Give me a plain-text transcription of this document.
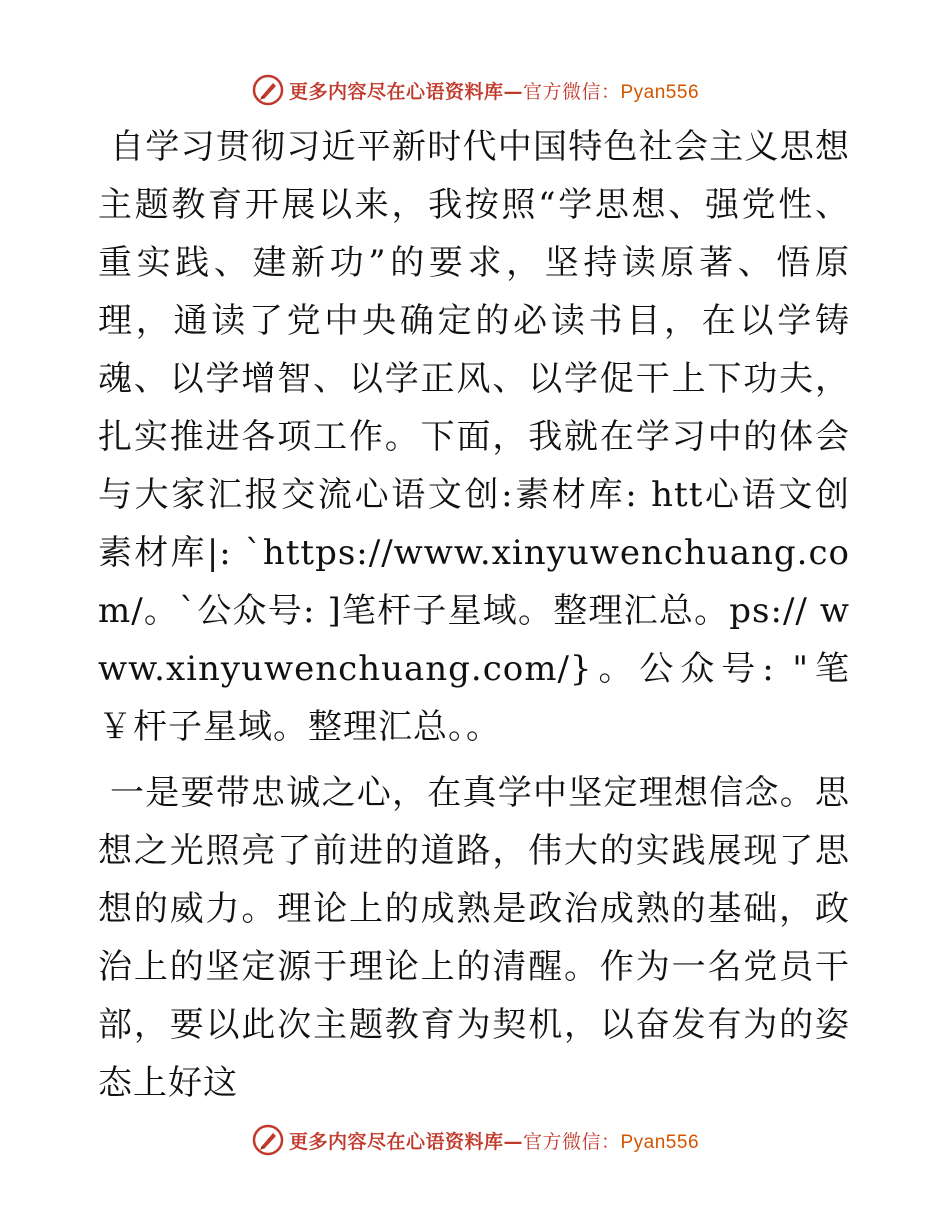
更多内容尽在心语资料库—官方微信：Pyan556

自学习贯彻习近平新时代中国特色社会主义思想主题教育开展以来，我按照“学思想、强党性、重实践、建新功”的要求，坚持读原著、悟原理，通读了党中央确定的必读书目，在以学铸魂、以学增智、以学正风、以学促干上下功夫，扎实推进各项工作。下面，我就在学习中的体会与大家汇报交流心语文创:素材库: htt心语文创素材库|: `https://www.xinyuwenchuang.com/。`公众号: ]笔杆子星域。整理汇总。ps:// www.xinyuwenchuang.com/}。公众号: "笔￥杆子星域。整理汇总。。

一是要带忠诚之心，在真学中坚定理想信念。思想之光照亮了前进的道路，伟大的实践展现了思想的威力。理论上的成熟是政治成熟的基础，政治上的坚定源于理论上的清醒。作为一名党员干部，要以此次主题教育为契机，以奋发有为的姿态上好这

更多内容尽在心语资料库—官方微信：Pyan556
